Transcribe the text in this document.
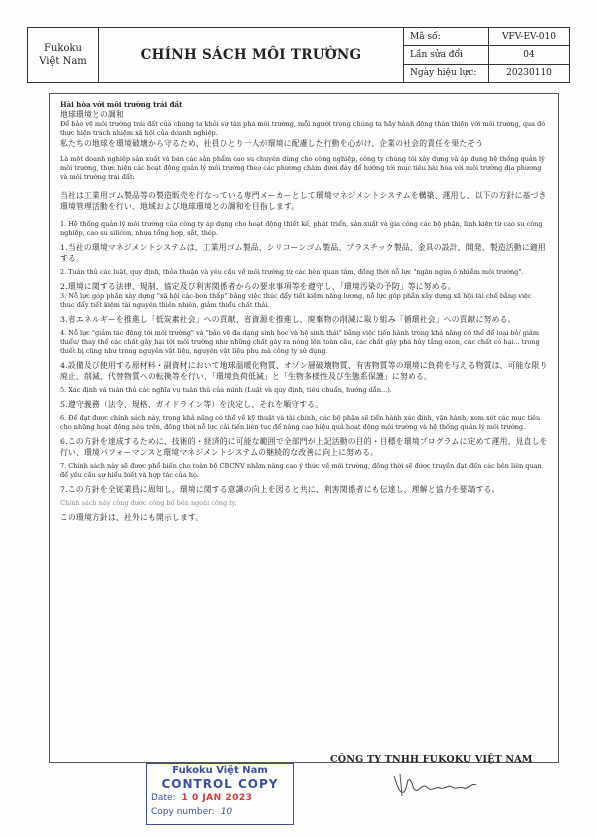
Fukoku
Việt Nam	CHÍNH SÁCH MÔI TRƯỜNG
Mã số:	VFV-EV-010
Lần sửa đổi	04
Ngày hiệu lực:	20230110

Hài hòa với môi trường trái đất

地球環境との調和

Để bảo vệ môi trường trái đất của chúng ta khỏi sự tàn phá môi trường, mỗi người trong chúng ta hãy hành động thân thiện với môi trường, qua đó thực hiện trách nhiệm xã hội của doanh nghiệp.

私たちの地球を環境破壊から守るため、社員ひとり一人が環境に配慮した行動を心がけ、企業の社会的責任を果たそう

Là một doanh nghiệp sản xuất và bán các sản phẩm cao su chuyên dùng cho công nghiệp, công ty chúng tôi xây dựng và áp dụng hệ thống quản lý môi trường, thực hiện các hoạt động quản lý môi trường theo các phương châm dưới đây để hướng tới mục tiêu hài hòa với môi trường địa phương và môi trường trái đất:

当社は工業用ゴム製品等の製造販売を行なっている専門メーカーとして環境マネジメントシステムを構築、運用し、以下の方針に基づき環境管理活動を行い、地域および地球環境との調和を目指します。

1. Hệ thống quản lý môi trường của công ty áp dụng cho hoạt động thiết kế, phát triển, sản xuất và gia công các bộ phận, linh kiện từ cao su công nghiệp, cao su silicon, nhựa tổng hợp, sắt, thép.

1.当社の環境マネジメントシステムは、工業用ゴム製品、シリコーンゴム製品、プラスチック製品、金具の設計、開発、製造活動に適用する。

2. Tuân thủ các luật, quy định, thỏa thuận và yêu cầu về môi trường từ các bên quan tâm, đồng thời nỗ lực "ngăn ngừa ô nhiễm môi trường".

2.環境に関する法律、規制、協定及び利害関係者からの要求事項等を遵守し、「環境汚染の予防」等に努める。

3. Nỗ lực góp phần xây dựng "xã hội các-bon thấp" bằng việc thúc đẩy tiết kiệm năng lượng, nỗ lực góp phần xây dựng xã hội tái chế bằng việc thúc đẩy tiết kiệm tài nguyên thiên nhiên, giảm thiểu chất thải.

3.省エネルギーを推進し「低炭素社会」への貢献、省資源を推進し、廃棄物の削減に取り組み「循環社会」への貢献に努める。

4. Nỗ lực "giảm tác động tới môi trường" và "bảo vệ đa dạng sinh học và hệ sinh thái" bằng việc tiến hành trong khả năng có thể để loại bỏ/ giảm thiểu/ thay thế các chất gây hại tới môi trường như những chất gây ra nóng lên toàn cầu, các chất gây phá hủy tầng ozon, các chất có hại... trong thiết bị cũng như trong nguyên vật liệu, nguyên vật liệu phụ mà công ty sử dụng.

4.設備及び使用する原材料・副資材において地球温暖化物質、オゾン層破壊物質、有害物質等の環境に負荷を与える物質は、可能な限り廃止、削減、代替物質への転換等を行い、「環境負荷低減」と「生物多様性及び生態系保護」に努める。

5. Xác định và tuân thủ các nghĩa vụ tuân thủ của mình (Luật và quy định, tiêu chuẩn, hướng dẫn...).

5.遵守義務（法令、規格、ガイドライン等）を決定し、それを順守する。

6. Để đạt được chính sách này, trong khả năng có thể về kỹ thuật và tài chính, các bộ phận sẽ tiến hành xác định, vận hành, xem xét các mục tiêu cho những hoạt động nêu trên, đồng thời nỗ lực cải tiến liên tục để nâng cao hiệu quả hoạt động môi trường và hệ thống quản lý môi trường.

6.この方針を達成するために、技術的・経済的に可能な範囲で全部門が上記活動の目的・目標を環境プログラムに定めて運用、見直しを行い、環境パフォーマンスと環境マネジメントシステムの継続的な改善に向上に努める。

7. Chính sách này sẽ được phổ biến cho toàn bộ CBCNV nhằm nâng cao ý thức về môi trường, đồng thời sẽ được truyền đạt đến các bên liên quan để yêu cầu sự hiểu biết và hợp tác của họ.

7.この方針を全従業員に周知し、環境に関する意識の向上を図ると共に、利害関係者にも伝達し、理解と協力を要請する。

Chính sách này công được công bố bên ngoài công ty.

この環境方針は、社外にも開示します。

CÔNG TY TNHH FUKOKU VIỆT NAM
Fukoku Việt Nam
CONTROL COPY
Date: 1 0 JAN 2023
Copy number: 10
